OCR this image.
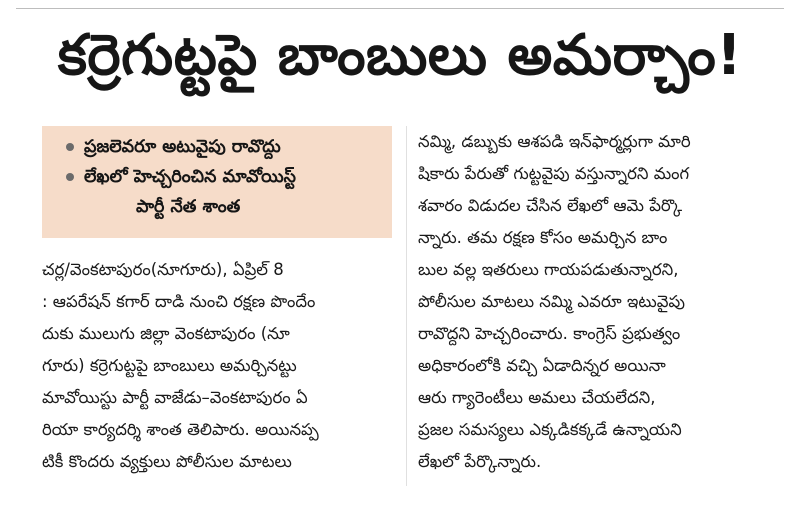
కర్రెగుట్టపై బాంబులు అమర్చాం!
ప్రజలెవరూ అటువైపు రావొద్దు
లేఖలో హెచ్చరించిన మావోయిస్ట్
పార్టీ నేత శాంత
చర్ల/వెంకటాపురం(నూగూరు), ఏప్రిల్ 8
: ఆపరేషన్ కగార్ దాడి నుంచి రక్షణ పొందేం
దుకు ములుగు జిల్లా వెంకటాపురం (నూ
గూరు) కర్రెగుట్టపై బాంబులు అమర్చినట్టు
మావోయిస్టు పార్టీ వాజేడు–వెంకటాపురం ఏ
రియా కార్యదర్శి శాంత తెలిపారు. అయినప్ప
టికీ కొందరు వ్యక్తులు పోలీసుల మాటలు
నమ్మి, డబ్బుకు ఆశపడి ఇన్‌ఫార్మర్లుగా మారి
షికారు పేరుతో గుట్టవైపు వస్తున్నారని మంగ
శవారం విడుదల చేసిన లేఖలో ఆమె పేర్కొ
న్నారు. తమ రక్షణ కోసం అమర్చిన బాం
బుల వల్ల ఇతరులు గాయపడుతున్నారని,
పోలీసుల మాటలు నమ్మి ఎవరూ ఇటువైపు
రావొద్దని హెచ్చరించారు. కాంగ్రెస్ ప్రభుత్వం
అధికారంలోకి వచ్చి ఏడాదిన్నర అయినా
ఆరు గ్యారెంటీలు అమలు చేయలేదని,
ప్రజల సమస్యలు ఎక్కడికక్కడే ఉన్నాయని
లేఖలో పేర్కొన్నారు.
